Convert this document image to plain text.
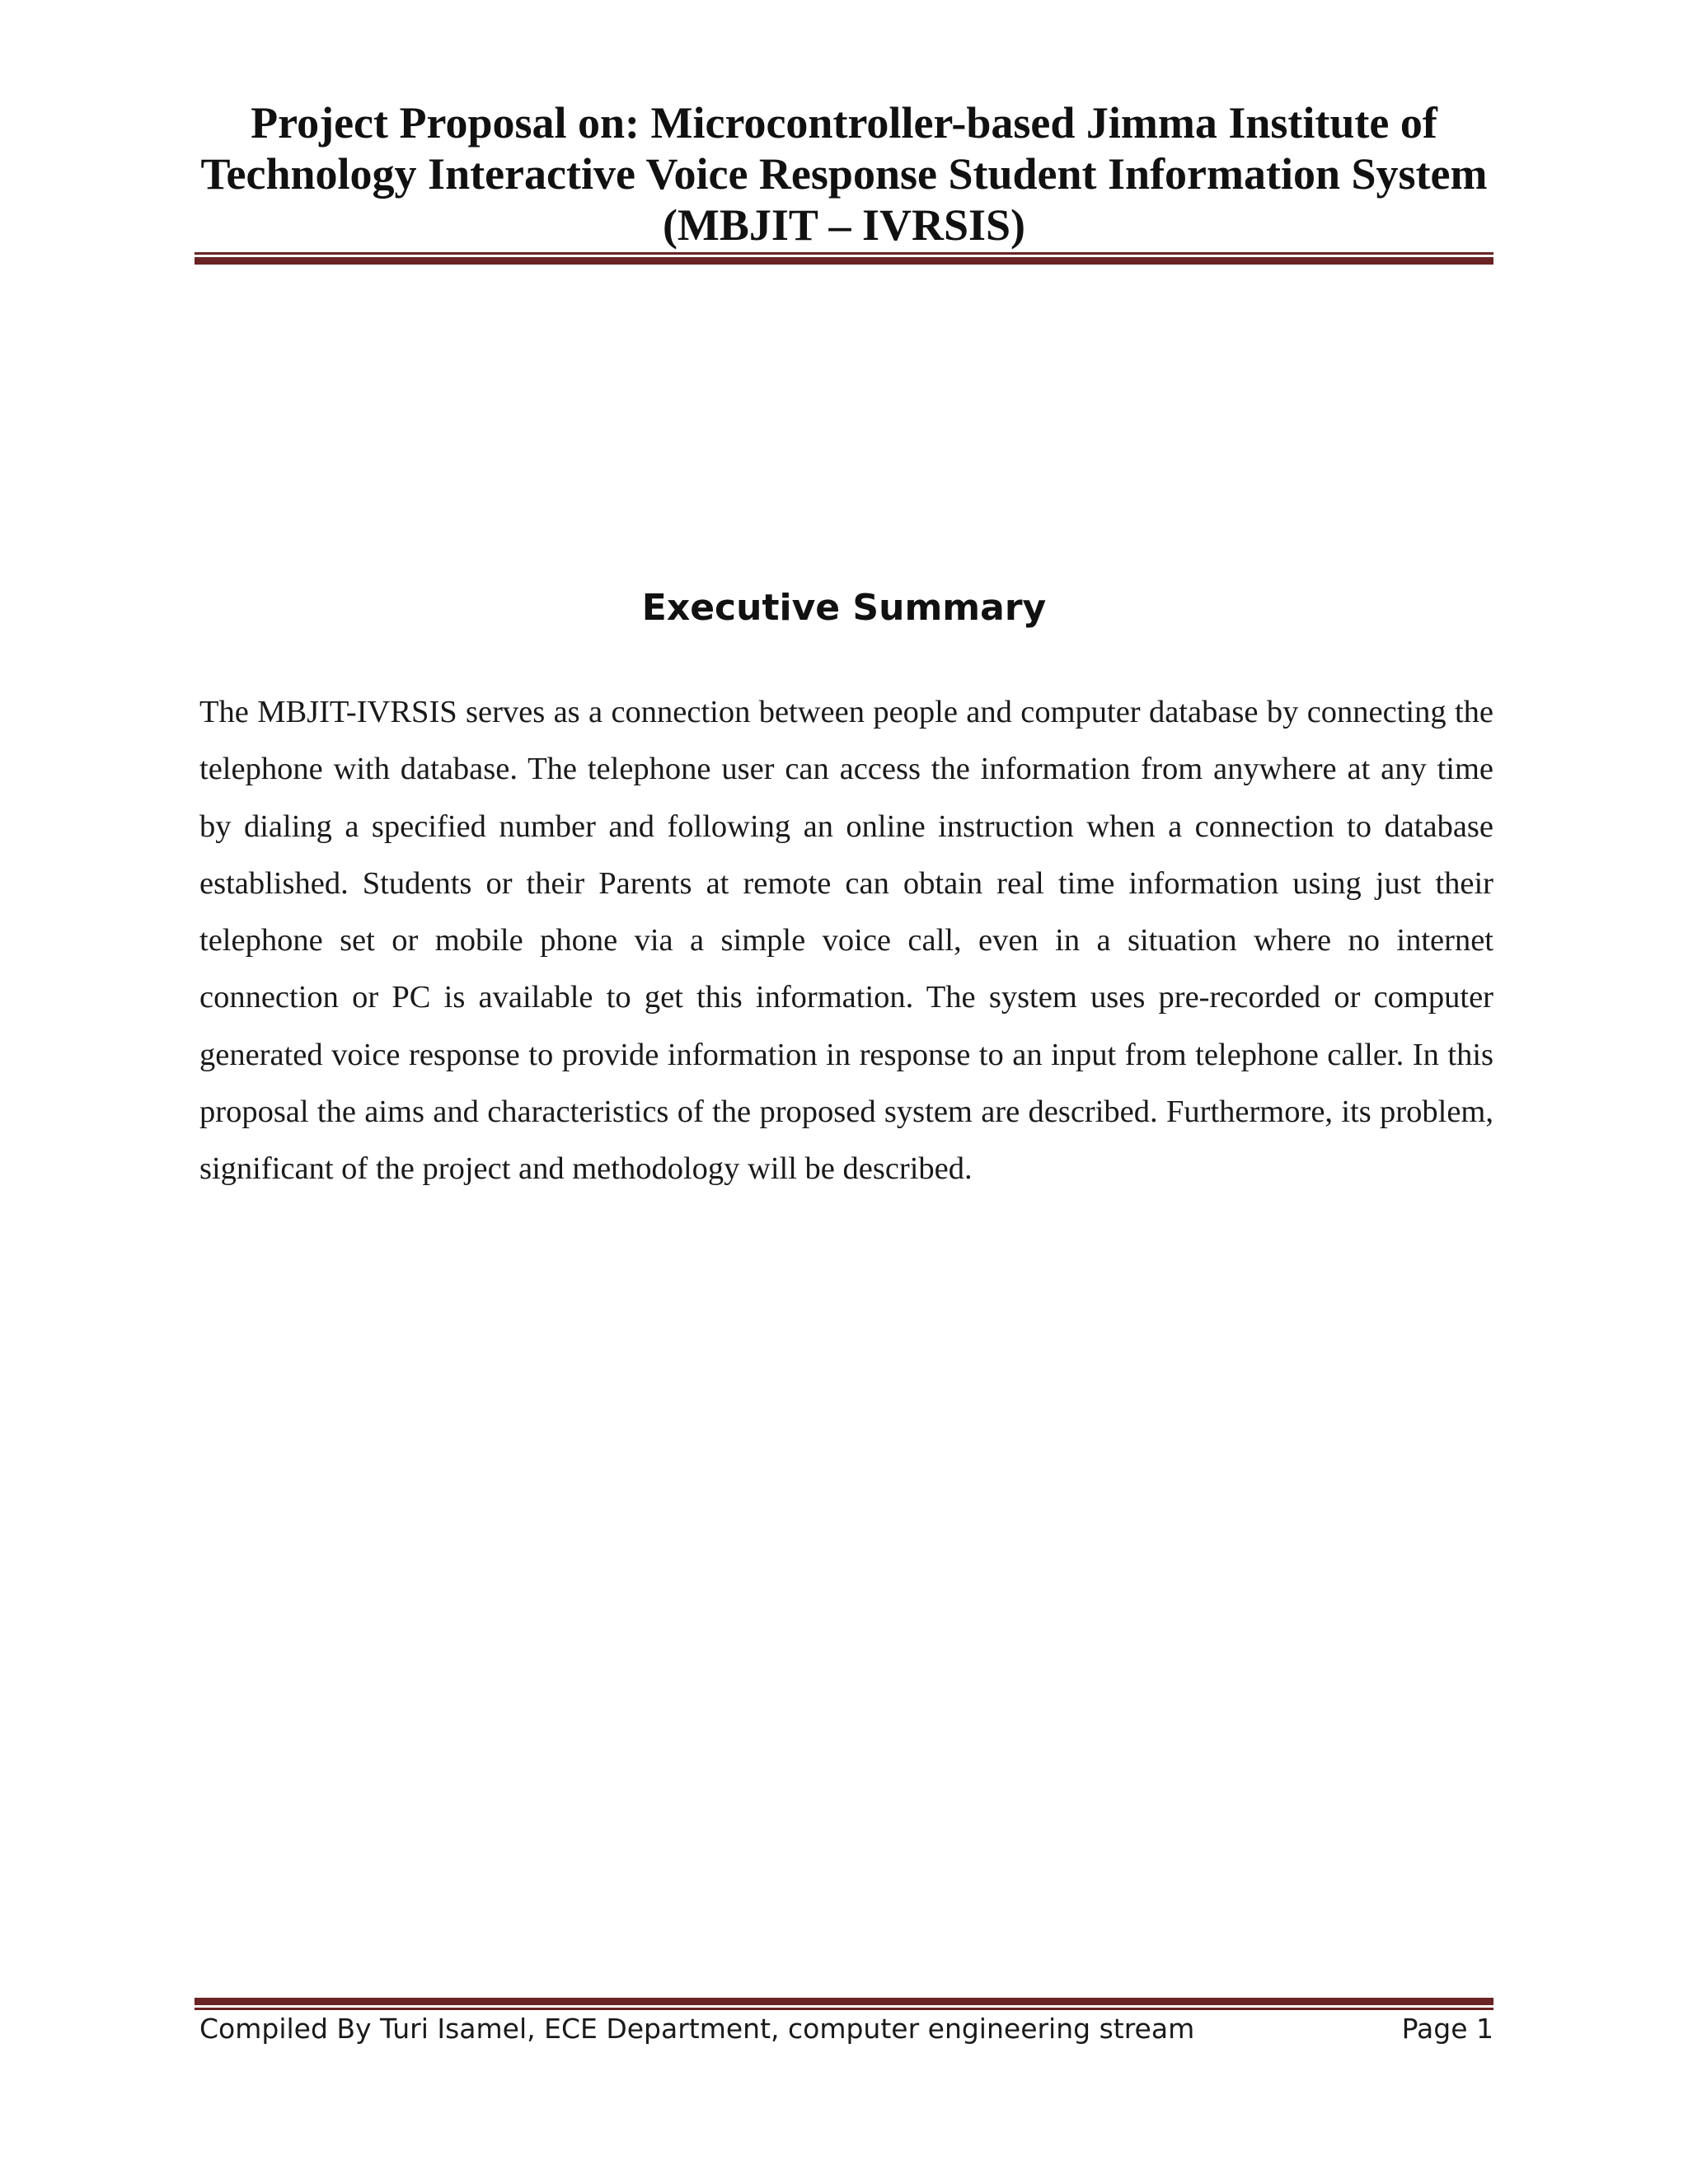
Project Proposal on: Microcontroller-based Jimma Institute of
Technology Interactive Voice Response Student Information System
(MBJIT – IVRSIS)
Executive Summary

The MBJIT-IVRSIS serves as a connection between people and computer database by connecting the telephone with database. The telephone user can access the information from anywhere at any time by dialing a specified number and following an online instruction when a connection to database established. Students or their Parents at remote can obtain real time information using just their telephone set or mobile phone via a simple voice call, even in a situation where no internet connection or PC is available to get this information. The system uses pre-recorded or computer generated voice response to provide information in response to an input from telephone caller. In this proposal the aims and characteristics of the proposed system are described. Furthermore, its problem, significant of the project and methodology will be described.

Compiled By Turi Isamel, ECE Department, computer engineering stream	Page 1
